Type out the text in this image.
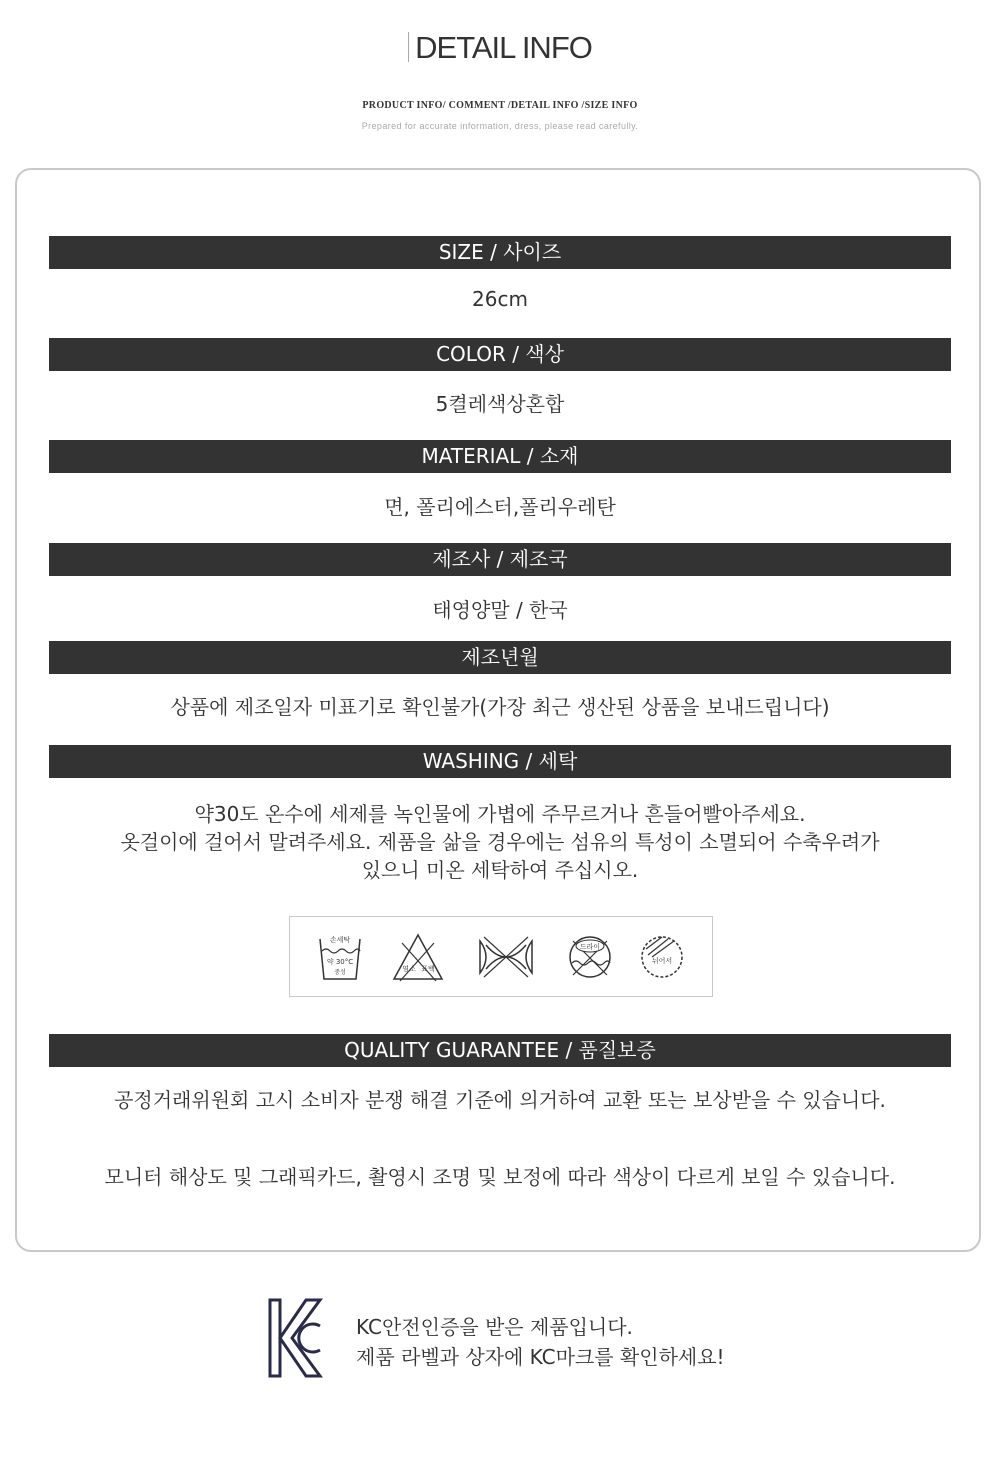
DETAIL INFO
PRODUCT INFO/ COMMENT /DETAIL INFO /SIZE INFO
Prepared for accurate information, dress, please read carefully.
SIZE / 사이즈
26cm
COLOR / 색상
5켤레색상혼합
MATERIAL / 소재
면, 폴리에스터,폴리우레탄
제조사 / 제조국
태영양말 / 한국
제조년월
상품에 제조일자 미표기로 확인불가(가장 최근 생산된 상품을 보내드립니다)
WASHING / 세탁
약30도 온수에 세제를 녹인물에 가볍에 주무르거나 흔들어빨아주세요.
옷걸이에 걸어서 말려주세요. 제품을 삶을 경우에는 섬유의 특성이 소멸되어 수축우려가
있으니 미온 세탁하여 주십시오.
손세탁
약 30°C
중성	염소 표백
드라이
뉘어서
QUALITY GUARANTEE / 품질보증
공정거래위원회 고시 소비자 분쟁 해결 기준에 의거하여 교환 또는 보상받을 수 있습니다.
모니터 해상도 및 그래픽카드, 촬영시 조명 및 보정에 따라 색상이 다르게 보일 수 있습니다.
KC안전인증을 받은 제품입니다.
제품 라벨과 상자에 KC마크를 확인하세요!
